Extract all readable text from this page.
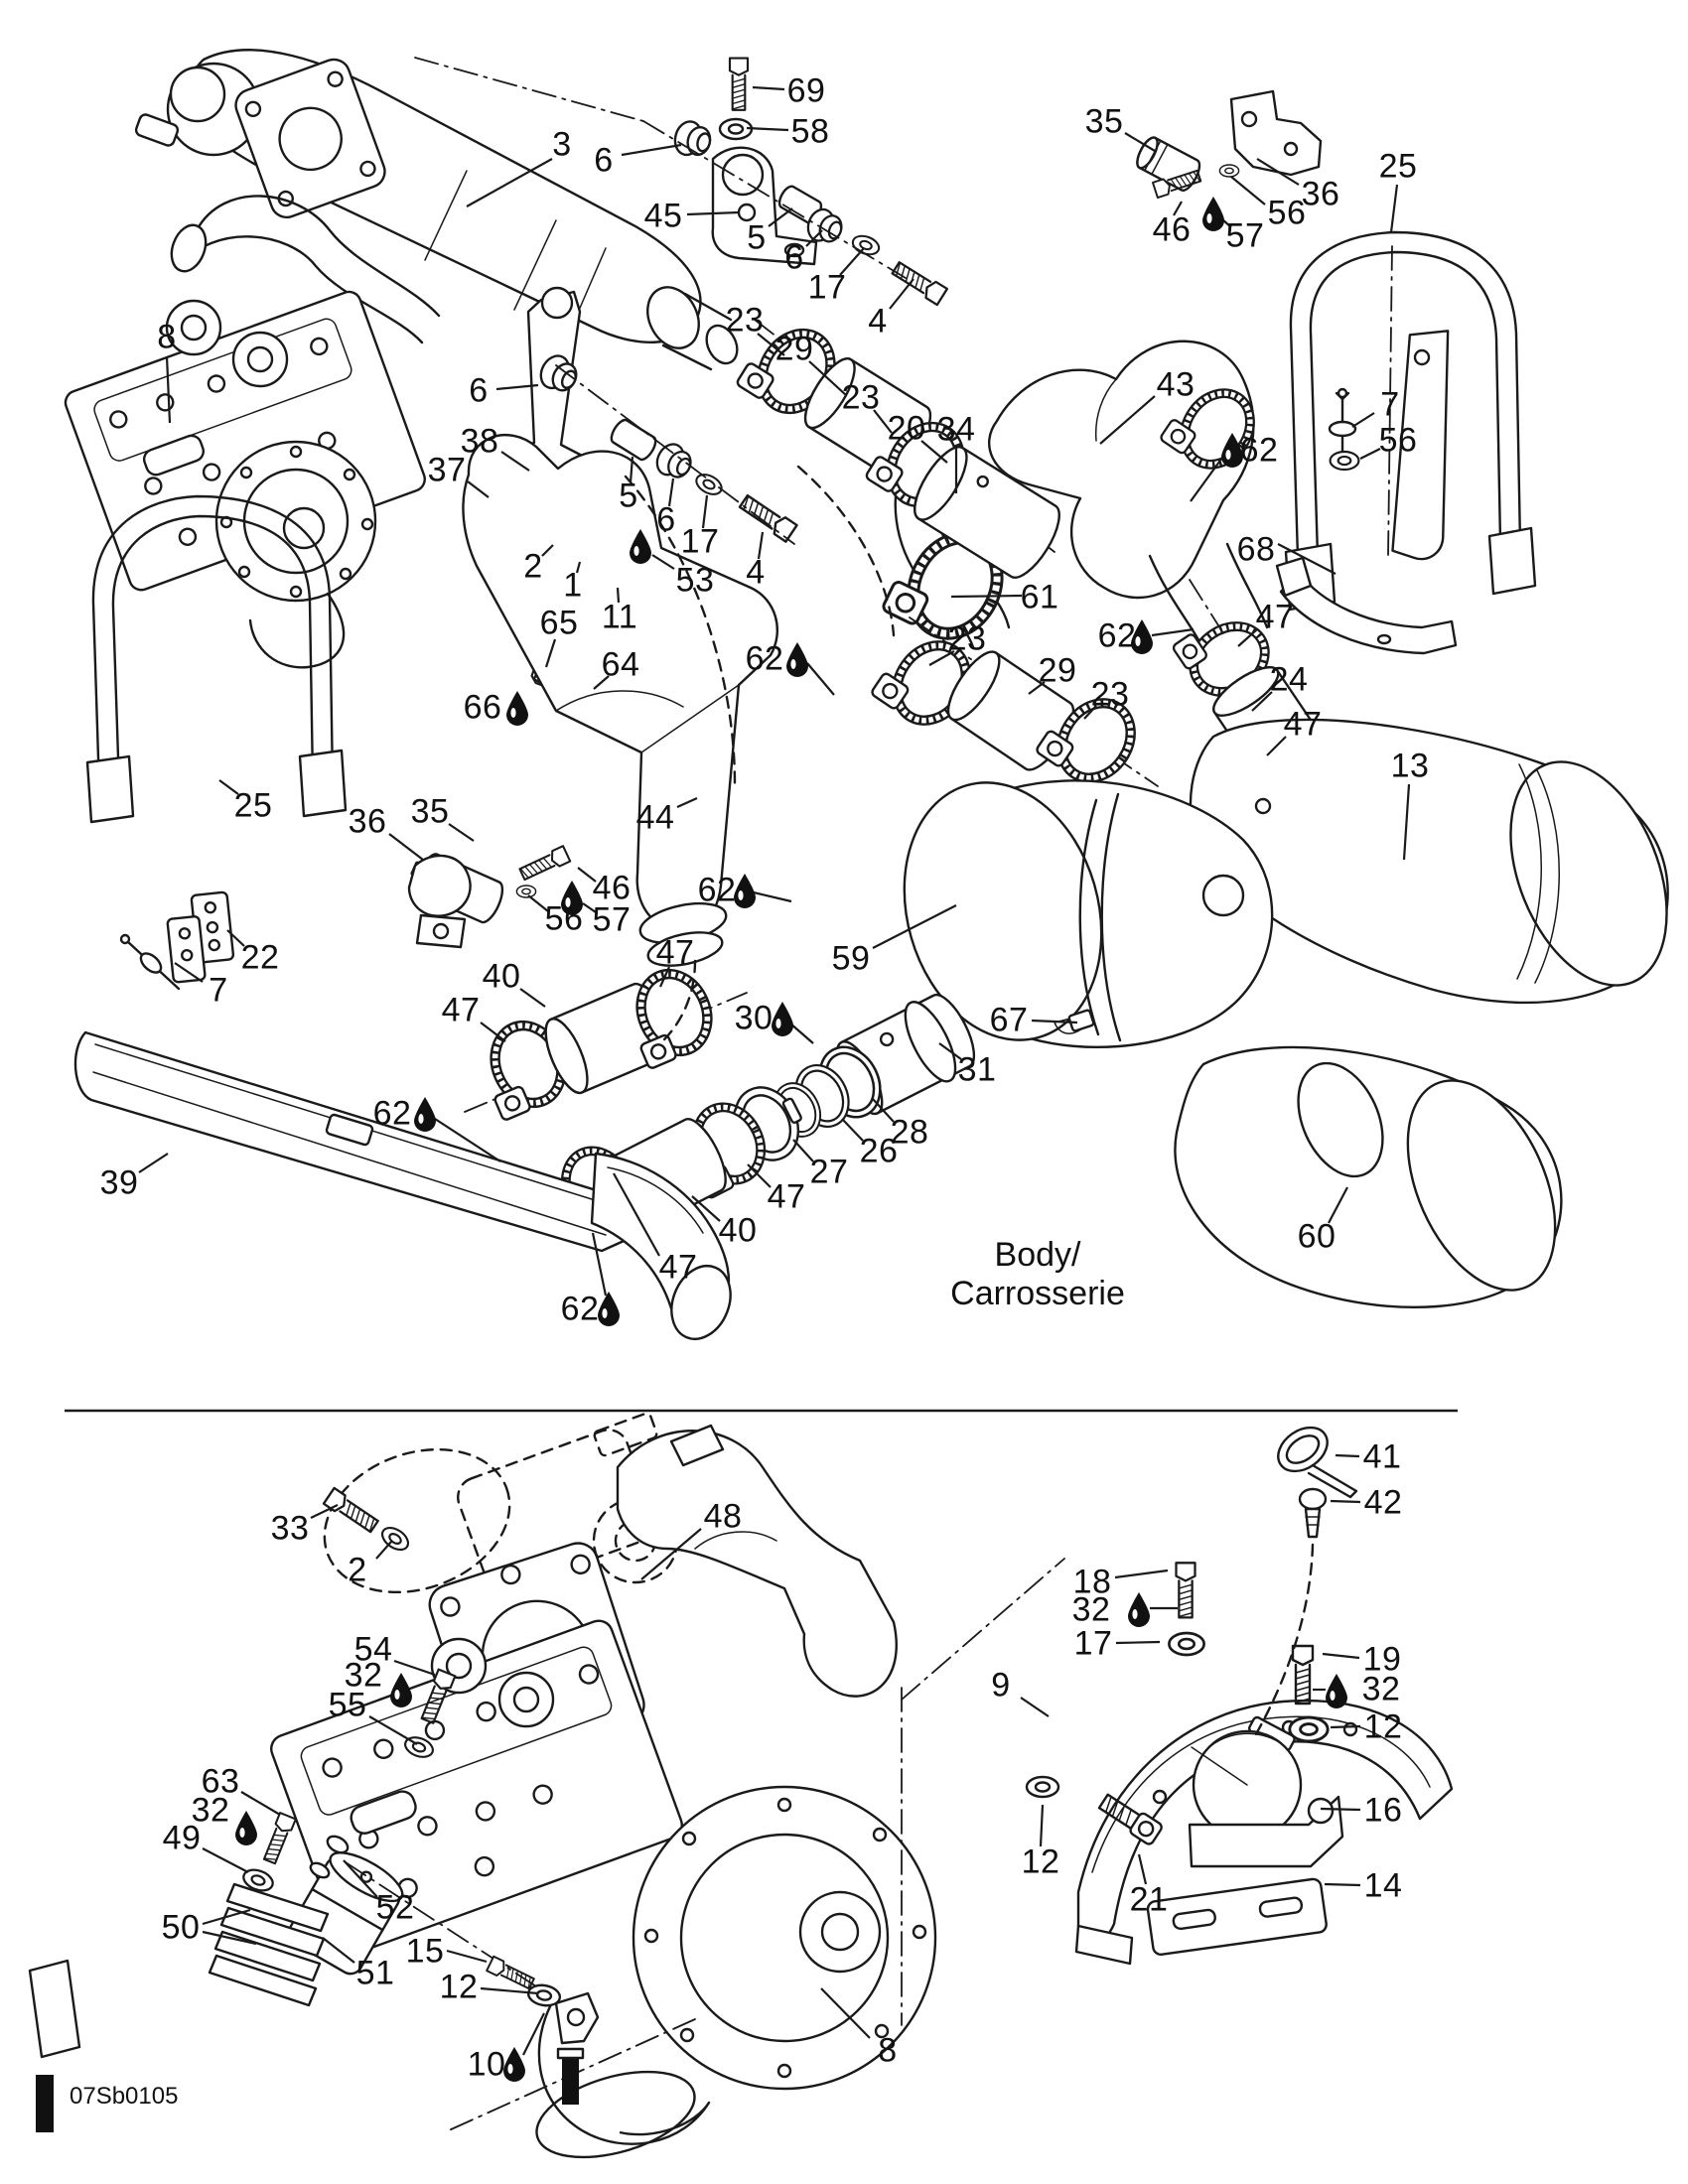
69
58
3 6
45
5
6
17
4
35
36
56
46 57
25
7
56
68
43
62
8
6
38
37
2 1
11
53
5
6
17
4
65
64
66
23
29
23
20 34
61
62
23
29
23
47
24
47
13
25
22
7
36 35	44
46
56 57
62
62
47
40
47	30
59
67
31
28
26
27
47
40
47
62
39
62
60
33
2
48
54
32
55
63
32
49
50
52
51
15
12
10	8
9
12
17
32
18
19
32
12
16
14
21
41
42
Body/
Carrosserie
07Sb0105
